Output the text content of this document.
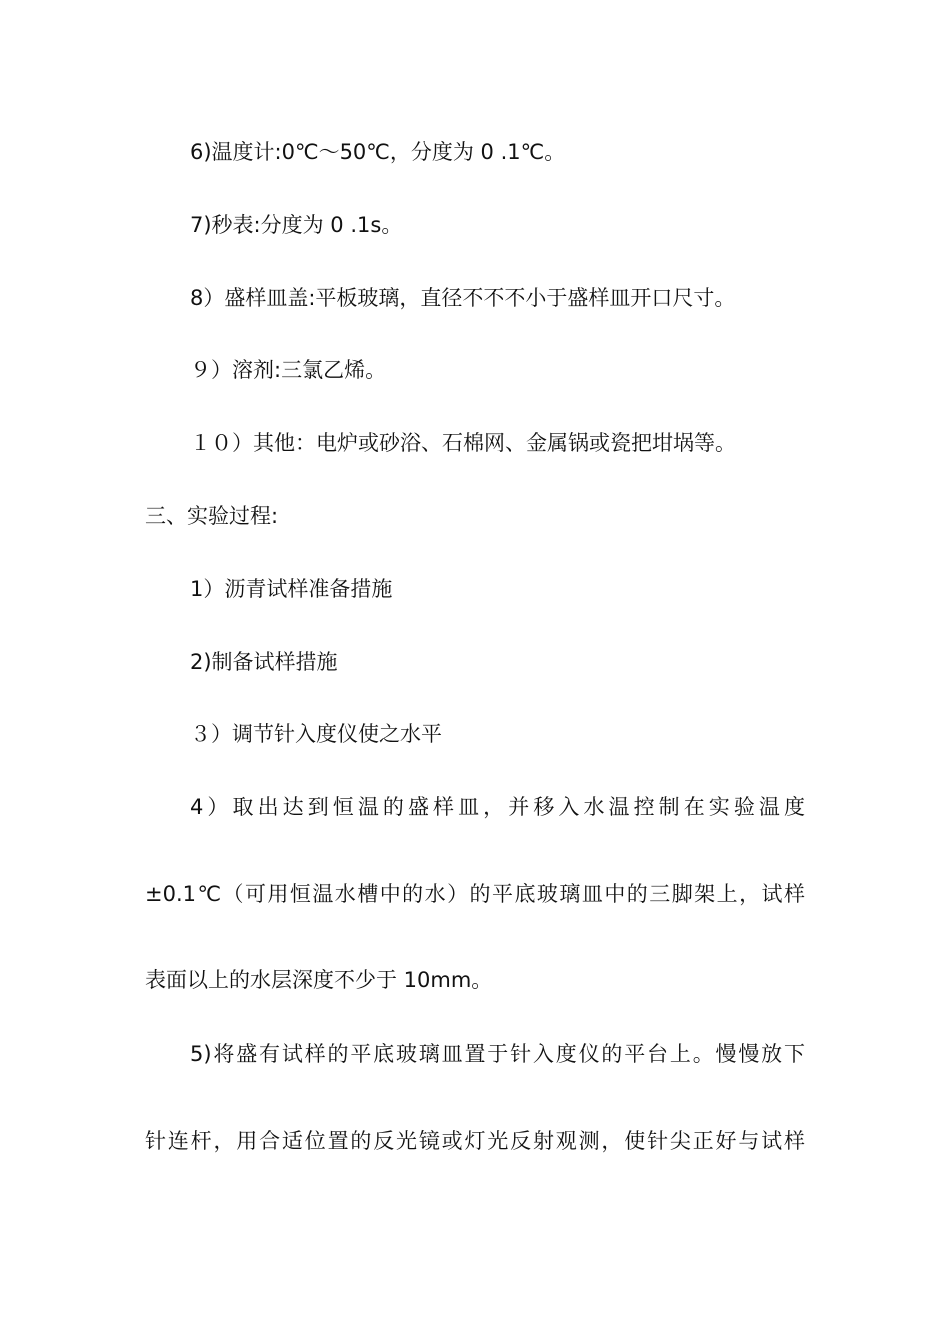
6)温度计:0℃～50℃，分度为 0 .1℃。

7)秒表:分度为 0 .1s。

8）盛样皿盖:平板玻璃，直径不不不小于盛样皿开口尺寸。

９）溶剂:三氯乙烯。

１０）其他：电炉或砂浴、石棉网、金属锅或瓷把坩埚等。

三、实验过程:

1）沥青试样准备措施

2)制备试样措施

３）调节针入度仪使之水平

4）取出达到恒温的盛样皿，并移入水温控制在实验温度

±0.1℃（可用恒温水槽中的水）的平底玻璃皿中的三脚架上，试样

表面以上的水层深度不少于 10mm。

5)将盛有试样的平底玻璃皿置于针入度仪的平台上。慢慢放下

针连杆，用合适位置的反光镜或灯光反射观测，使针尖正好与试样
